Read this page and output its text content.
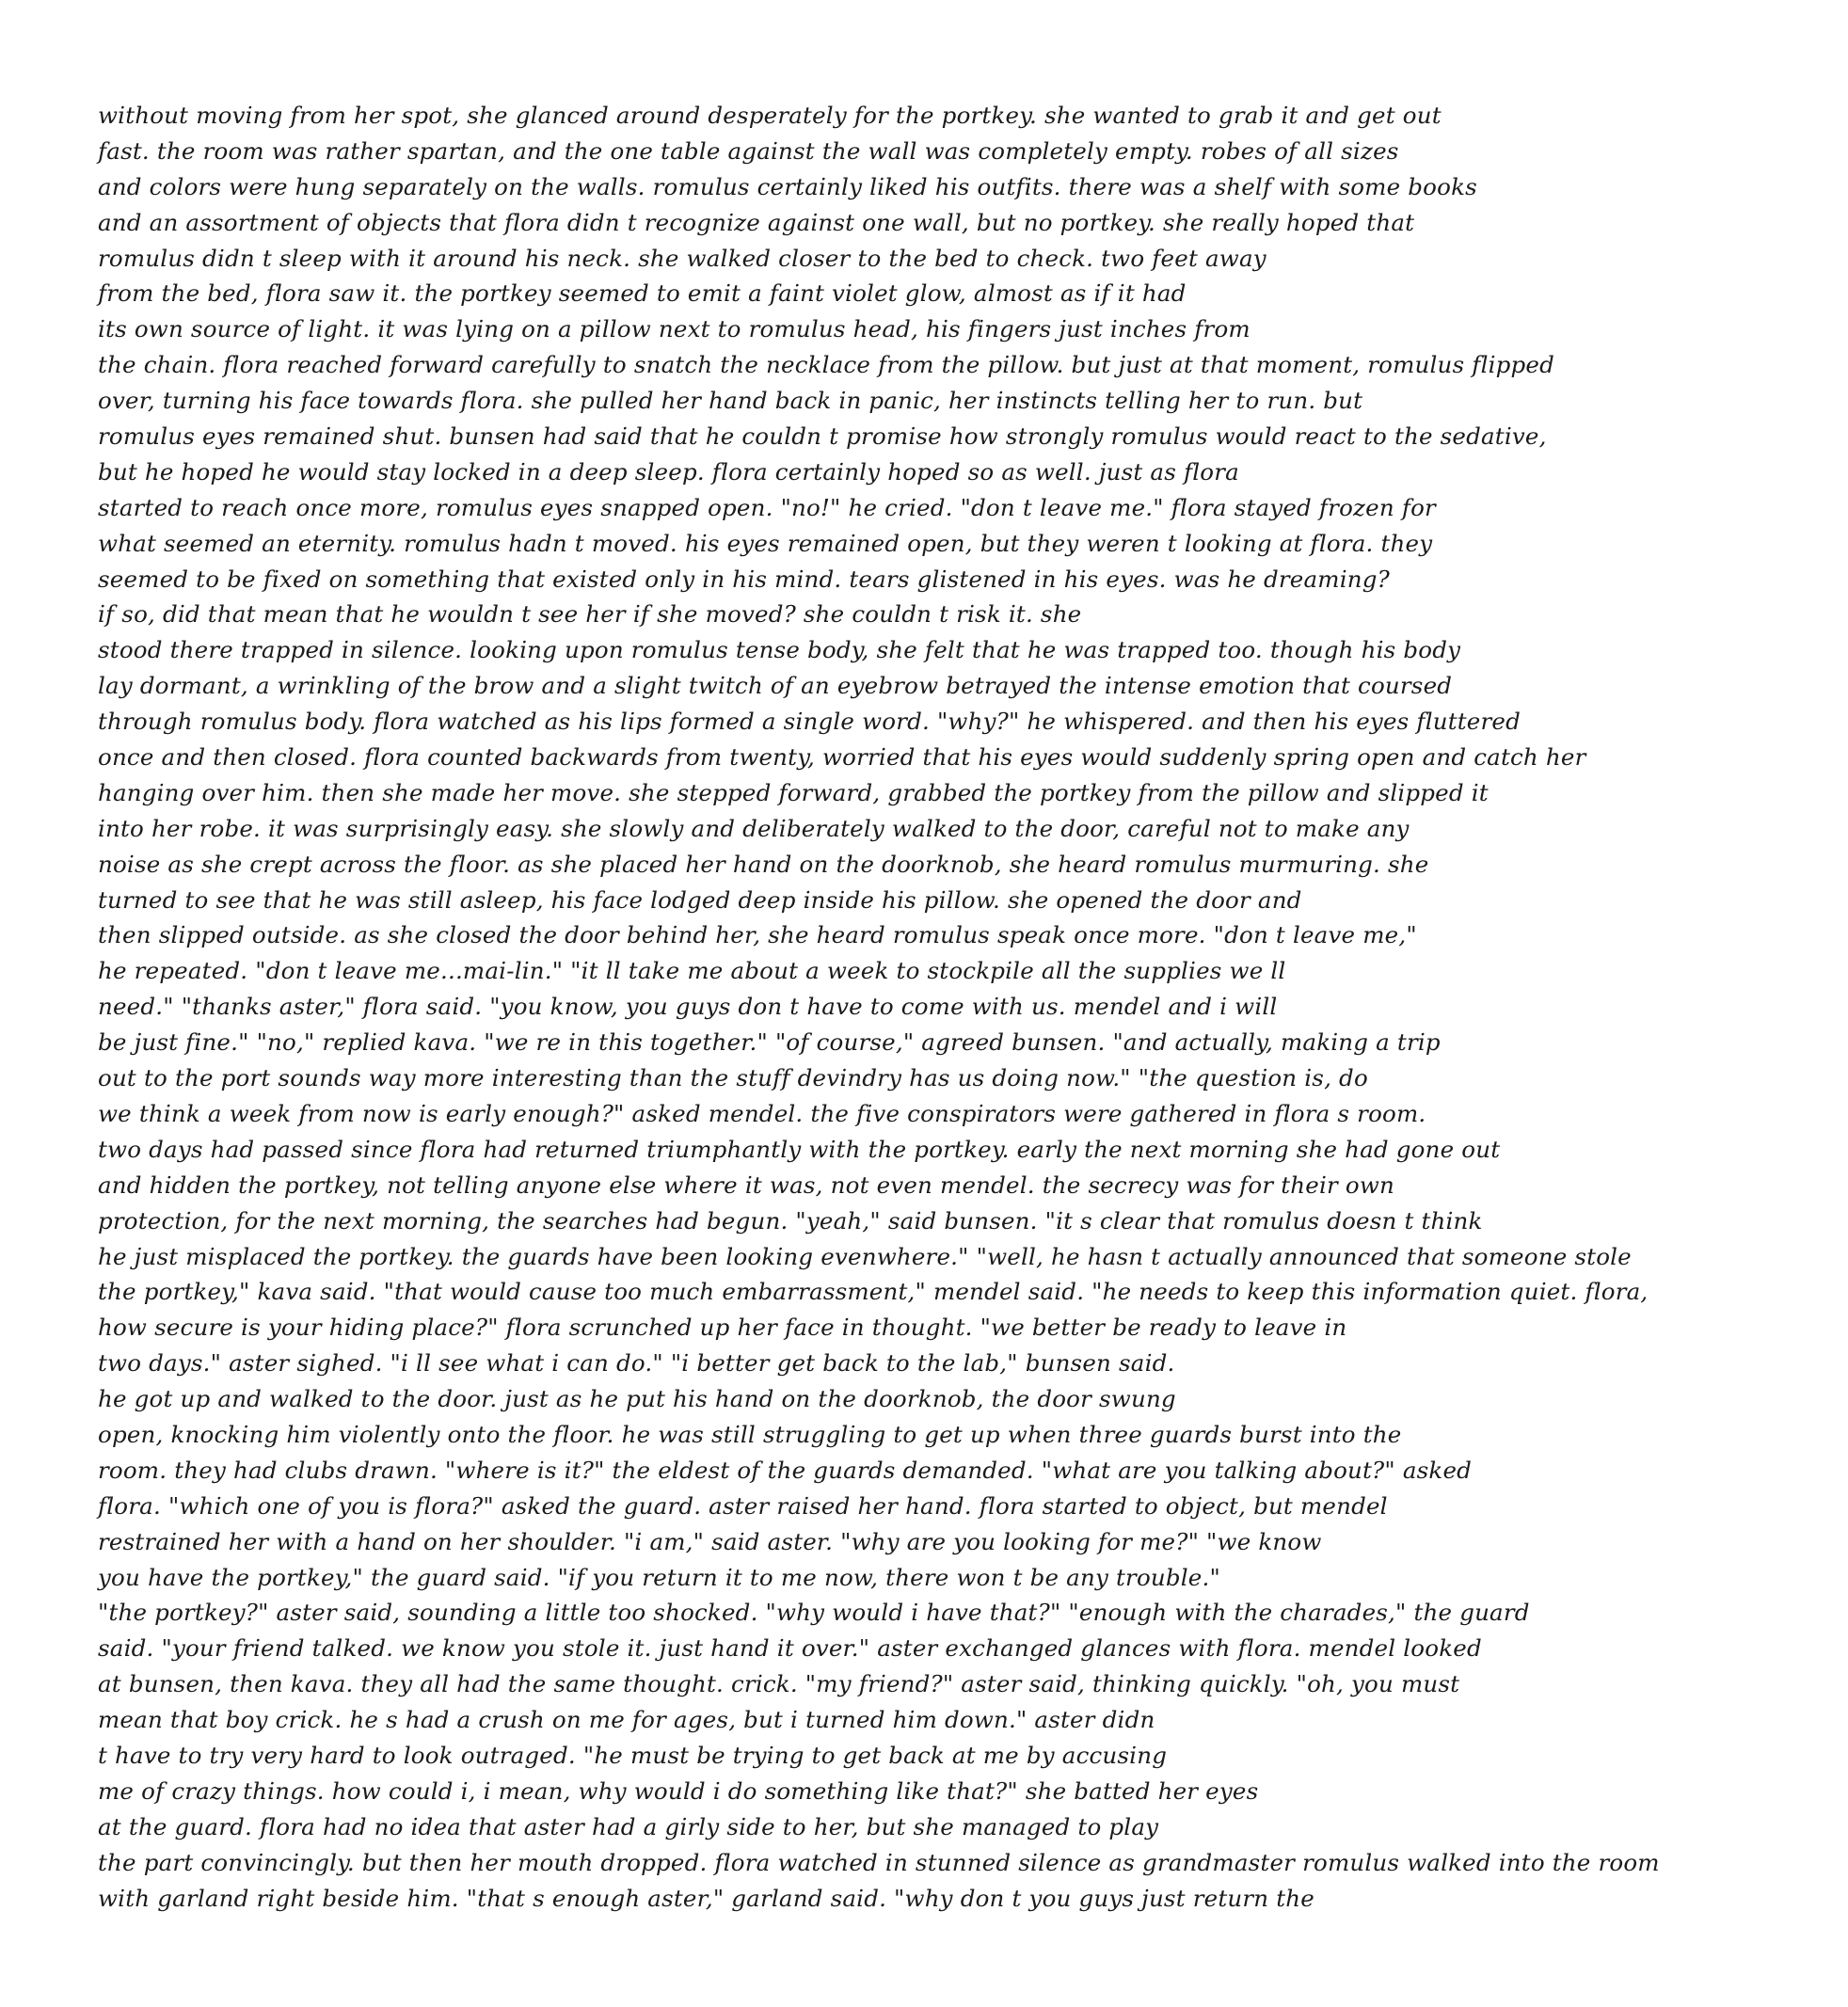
without moving from her spot, she glanced around desperately for the portkey. she wanted to grab it and get out
fast. the room was rather spartan, and the one table against the wall was completely empty. robes of all sizes
and colors were hung separately on the walls. romulus certainly liked his outfits. there was a shelf with some books
and an assortment of objects that flora didn t recognize against one wall, but no portkey. she really hoped that
romulus didn t sleep with it around his neck. she walked closer to the bed to check. two feet away
from the bed, flora saw it. the portkey seemed to emit a faint violet glow, almost as if it had
its own source of light. it was lying on a pillow next to romulus head, his fingers just inches from
the chain. flora reached forward carefully to snatch the necklace from the pillow. but just at that moment, romulus flipped
over, turning his face towards flora. she pulled her hand back in panic, her instincts telling her to run. but
romulus eyes remained shut. bunsen had said that he couldn t promise how strongly romulus would react to the sedative,
but he hoped he would stay locked in a deep sleep. flora certainly hoped so as well. just as flora
started to reach once more, romulus eyes snapped open. "no!" he cried. "don t leave me." flora stayed frozen for
what seemed an eternity. romulus hadn t moved. his eyes remained open, but they weren t looking at flora. they
seemed to be fixed on something that existed only in his mind. tears glistened in his eyes. was he dreaming?
if so, did that mean that he wouldn t see her if she moved? she couldn t risk it. she
stood there trapped in silence. looking upon romulus tense body, she felt that he was trapped too. though his body
lay dormant, a wrinkling of the brow and a slight twitch of an eyebrow betrayed the intense emotion that coursed
through romulus body. flora watched as his lips formed a single word. "why?" he whispered. and then his eyes fluttered
once and then closed. flora counted backwards from twenty, worried that his eyes would suddenly spring open and catch her
hanging over him. then she made her move. she stepped forward, grabbed the portkey from the pillow and slipped it
into her robe. it was surprisingly easy. she slowly and deliberately walked to the door, careful not to make any
noise as she crept across the floor. as she placed her hand on the doorknob, she heard romulus murmuring. she
turned to see that he was still asleep, his face lodged deep inside his pillow. she opened the door and
then slipped outside. as she closed the door behind her, she heard romulus speak once more. "don t leave me,"
he repeated. "don t leave me...mai-lin." "it ll take me about a week to stockpile all the supplies we ll
need." "thanks aster," flora said. "you know, you guys don t have to come with us. mendel and i will
be just fine." "no," replied kava. "we re in this together." "of course," agreed bunsen. "and actually, making a trip
out to the port sounds way more interesting than the stuff devindry has us doing now." "the question is, do
we think a week from now is early enough?" asked mendel. the five conspirators were gathered in flora s room.
two days had passed since flora had returned triumphantly with the portkey. early the next morning she had gone out
and hidden the portkey, not telling anyone else where it was, not even mendel. the secrecy was for their own
protection, for the next morning, the searches had begun. "yeah," said bunsen. "it s clear that romulus doesn t think
he just misplaced the portkey. the guards have been looking evenwhere." "well, he hasn t actually announced that someone stole
the portkey," kava said. "that would cause too much embarrassment," mendel said. "he needs to keep this information quiet. flora,
how secure is your hiding place?" flora scrunched up her face in thought. "we better be ready to leave in
two days." aster sighed. "i ll see what i can do." "i better get back to the lab," bunsen said.
he got up and walked to the door. just as he put his hand on the doorknob, the door swung
open, knocking him violently onto the floor. he was still struggling to get up when three guards burst into the
room. they had clubs drawn. "where is it?" the eldest of the guards demanded. "what are you talking about?" asked
flora. "which one of you is flora?" asked the guard. aster raised her hand. flora started to object, but mendel
restrained her with a hand on her shoulder. "i am," said aster. "why are you looking for me?" "we know
you have the portkey," the guard said. "if you return it to me now, there won t be any trouble."
"the portkey?" aster said, sounding a little too shocked. "why would i have that?" "enough with the charades," the guard
said. "your friend talked. we know you stole it. just hand it over." aster exchanged glances with flora. mendel looked
at bunsen, then kava. they all had the same thought. crick. "my friend?" aster said, thinking quickly. "oh, you must
mean that boy crick. he s had a crush on me for ages, but i turned him down." aster didn
t have to try very hard to look outraged. "he must be trying to get back at me by accusing
me of crazy things. how could i, i mean, why would i do something like that?" she batted her eyes
at the guard. flora had no idea that aster had a girly side to her, but she managed to play
the part convincingly. but then her mouth dropped. flora watched in stunned silence as grandmaster romulus walked into the room
with garland right beside him. "that s enough aster," garland said. "why don t you guys just return the
